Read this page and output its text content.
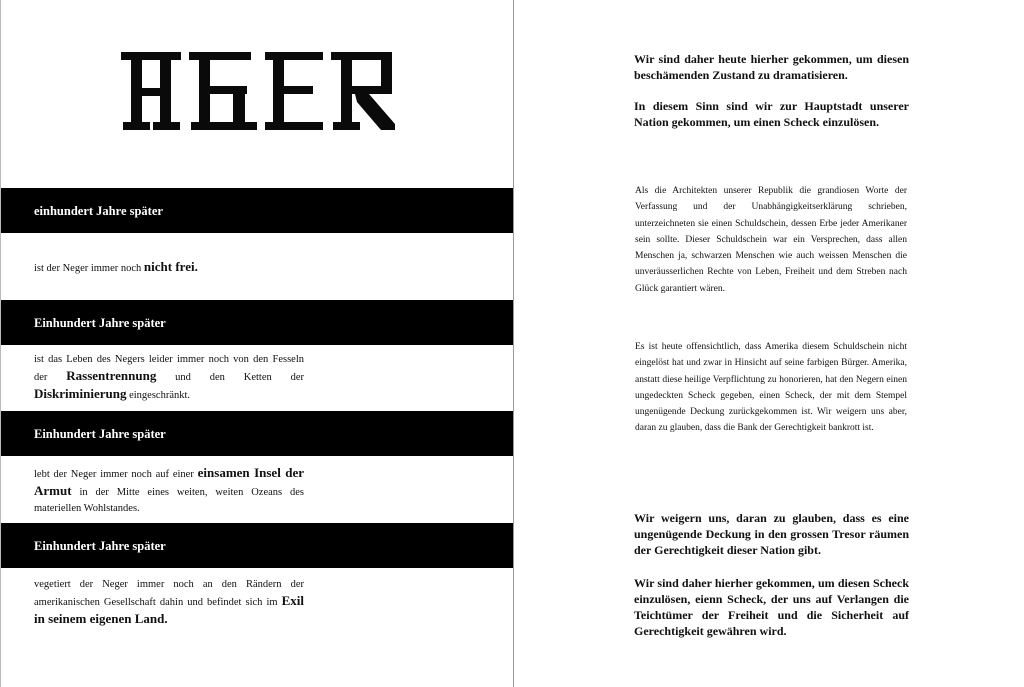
einhundert Jahre später
ist der Neger immer noch nicht frei.
Einhundert Jahre später
ist das Leben des Negers leider immer noch von den Fesseln der Rassentrennung und den Ketten der Diskriminierung eingeschränkt.
Einhundert Jahre später
lebt der Neger immer noch auf einer einsamen Insel der Armut in der Mitte eines weiten, weiten Ozeans des materiellen Wohlstandes.
Einhundert Jahre später
vegetiert der Neger immer noch an den Rändern der amerikanischen Gesellschaft dahin und befindet sich im Exil in seinem eigenen Land.
Wir sind daher heute hierher gekommen, um diesen beschämenden Zustand zu dramatisieren.
In diesem Sinn sind wir zur Hauptstadt unserer Nation gekommen, um einen Scheck einzulösen.
Als die Architekten unserer Republik die grandiosen Worte der Verfassung und der Unabhängigkeitserklärung schrieben, unterzeichneten sie einen Schuldschein, dessen Erbe jeder Amerikaner sein sollte. Dieser Schuldschein war ein Versprechen, dass allen Menschen ja, schwarzen Menschen wie auch weissen Menschen die unveräusserlichen Rechte von Leben, Freiheit und dem Streben nach Glück garantiert wären.
Es ist heute offensichtlich, dass Amerika diesem Schuldschein nicht eingelöst hat und zwar in Hinsicht auf seine farbigen Bürger. Amerika, anstatt diese heilige Verpflichtung zu honorieren, hat den Negern einen ungedeckten Scheck gegeben, einen Scheck, der mit dem Stempel ungenügende Deckung zurückgekommen ist. Wir weigern uns aber, daran zu glauben, dass die Bank der Gerechtigkeit bankrott ist.
Wir weigern uns, daran zu glauben, dass es eine ungenügende Deckung in den grossen Tresor räumen der Gerechtigkeit dieser Nation gibt.
Wir sind daher hierher gekommen, um diesen Scheck einzulösen, eienn Scheck, der uns auf Verlangen die Teichtümer der Freiheit und die Sicherheit auf Gerechtigkeit gewähren wird.
